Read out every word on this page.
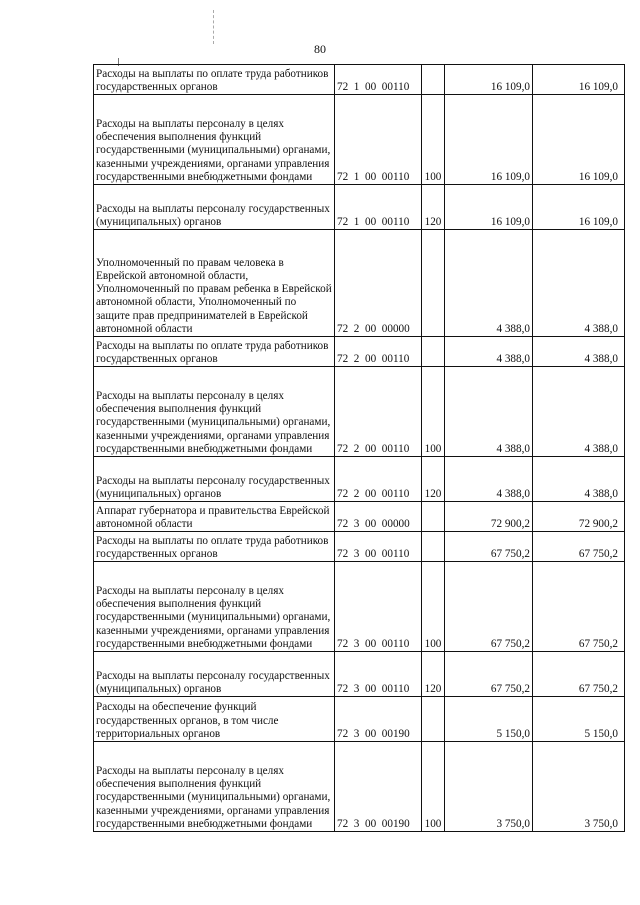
80
Расходы на выплаты по оплате труда работников государственных органов	72  1  00  00110		16 109,0	16 109,0
Расходы на выплаты персоналу в целях обеспечения выполнения функций государственными (муниципальными) органами, казенными учреждениями, органами управления государственными внебюджетными фондами	72  1  00  00110	100	16 109,0	16 109,0
Расходы на выплаты персоналу государственных (муниципальных) органов	72  1  00  00110	120	16 109,0	16 109,0
Уполномоченный по правам человека в Еврейской автономной области, Уполномоченный по правам ребенка в Еврейской автономной области, Уполномоченный по защите прав предпринимателей в Еврейской автономной области	72  2  00  00000		4 388,0	4 388,0
Расходы на выплаты по оплате труда работников государственных органов	72  2  00  00110		4 388,0	4 388,0
Расходы на выплаты персоналу в целях обеспечения выполнения функций государственными (муниципальными) органами, казенными учреждениями, органами управления государственными внебюджетными фондами	72  2  00  00110	100	4 388,0	4 388,0
Расходы на выплаты персоналу государственных (муниципальных) органов	72  2  00  00110	120	4 388,0	4 388,0
Аппарат губернатора и правительства Еврейской автономной области	72  3  00  00000		72 900,2	72 900,2
Расходы на выплаты по оплате труда работников государственных органов	72  3  00  00110		67 750,2	67 750,2
Расходы на выплаты персоналу в целях обеспечения выполнения функций государственными (муниципальными) органами, казенными учреждениями, органами управления государственными внебюджетными фондами	72  3  00  00110	100	67 750,2	67 750,2
Расходы на выплаты персоналу государственных (муниципальных) органов	72  3  00  00110	120	67 750,2	67 750,2
Расходы на обеспечение функций государственных органов, в том числе территориальных органов	72  3  00  00190		5 150,0	5 150,0
Расходы на выплаты персоналу в целях обеспечения выполнения функций государственными (муниципальными) органами, казенными учреждениями, органами управления государственными внебюджетными фондами	72  3  00  00190	100	3 750,0	3 750,0
